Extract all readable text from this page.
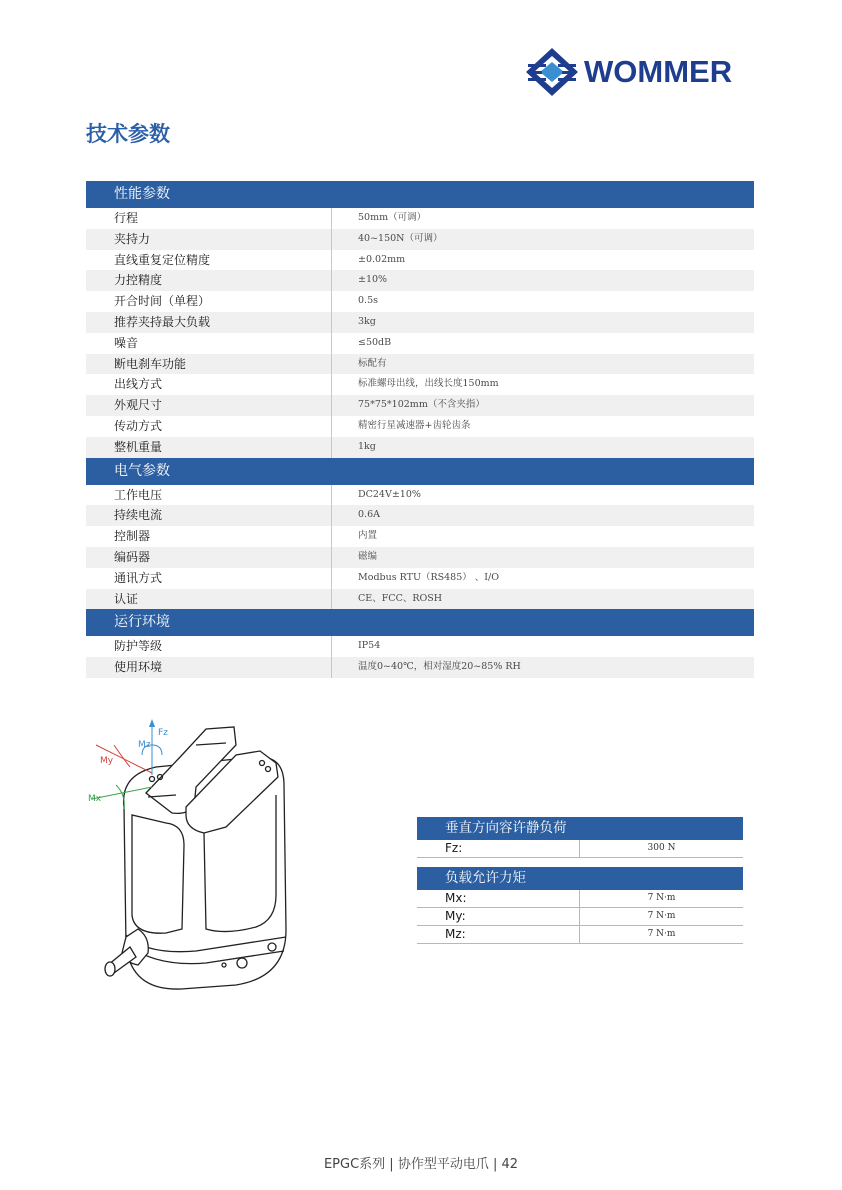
WOMMER
技术参数
性能参数
行程	50mm（可调）
夹持力	40~150N（可调）
直线重复定位精度	±0.02mm
力控精度	±10%
开合时间（单程）	0.5s
推荐夹持最大负载	3kg
噪音	≤50dB
断电刹车功能	标配有
出线方式	标准螺母出线，出线长度150mm
外观尺寸	75*75*102mm（不含夹指）
传动方式	精密行星减速器+齿轮齿条
整机重量	1kg
电气参数
工作电压	DC24V±10%
持续电流	0.6A
控制器	内置
编码器	磁编
通讯方式	Modbus RTU（RS485） 、I/O
认证	CE、FCC、ROSH
运行环境
防护等级	IP54
使用环境	温度0~40℃，相对湿度20~85% RH
Fz
Mz
My
Mx
垂直方向容许静负荷
Fz:	300 N
负载允许力矩
Mx:	7 N·m
My:	7 N·m
Mz:	7 N·m
EPGC系列 | 协作型平动电爪 | 42
